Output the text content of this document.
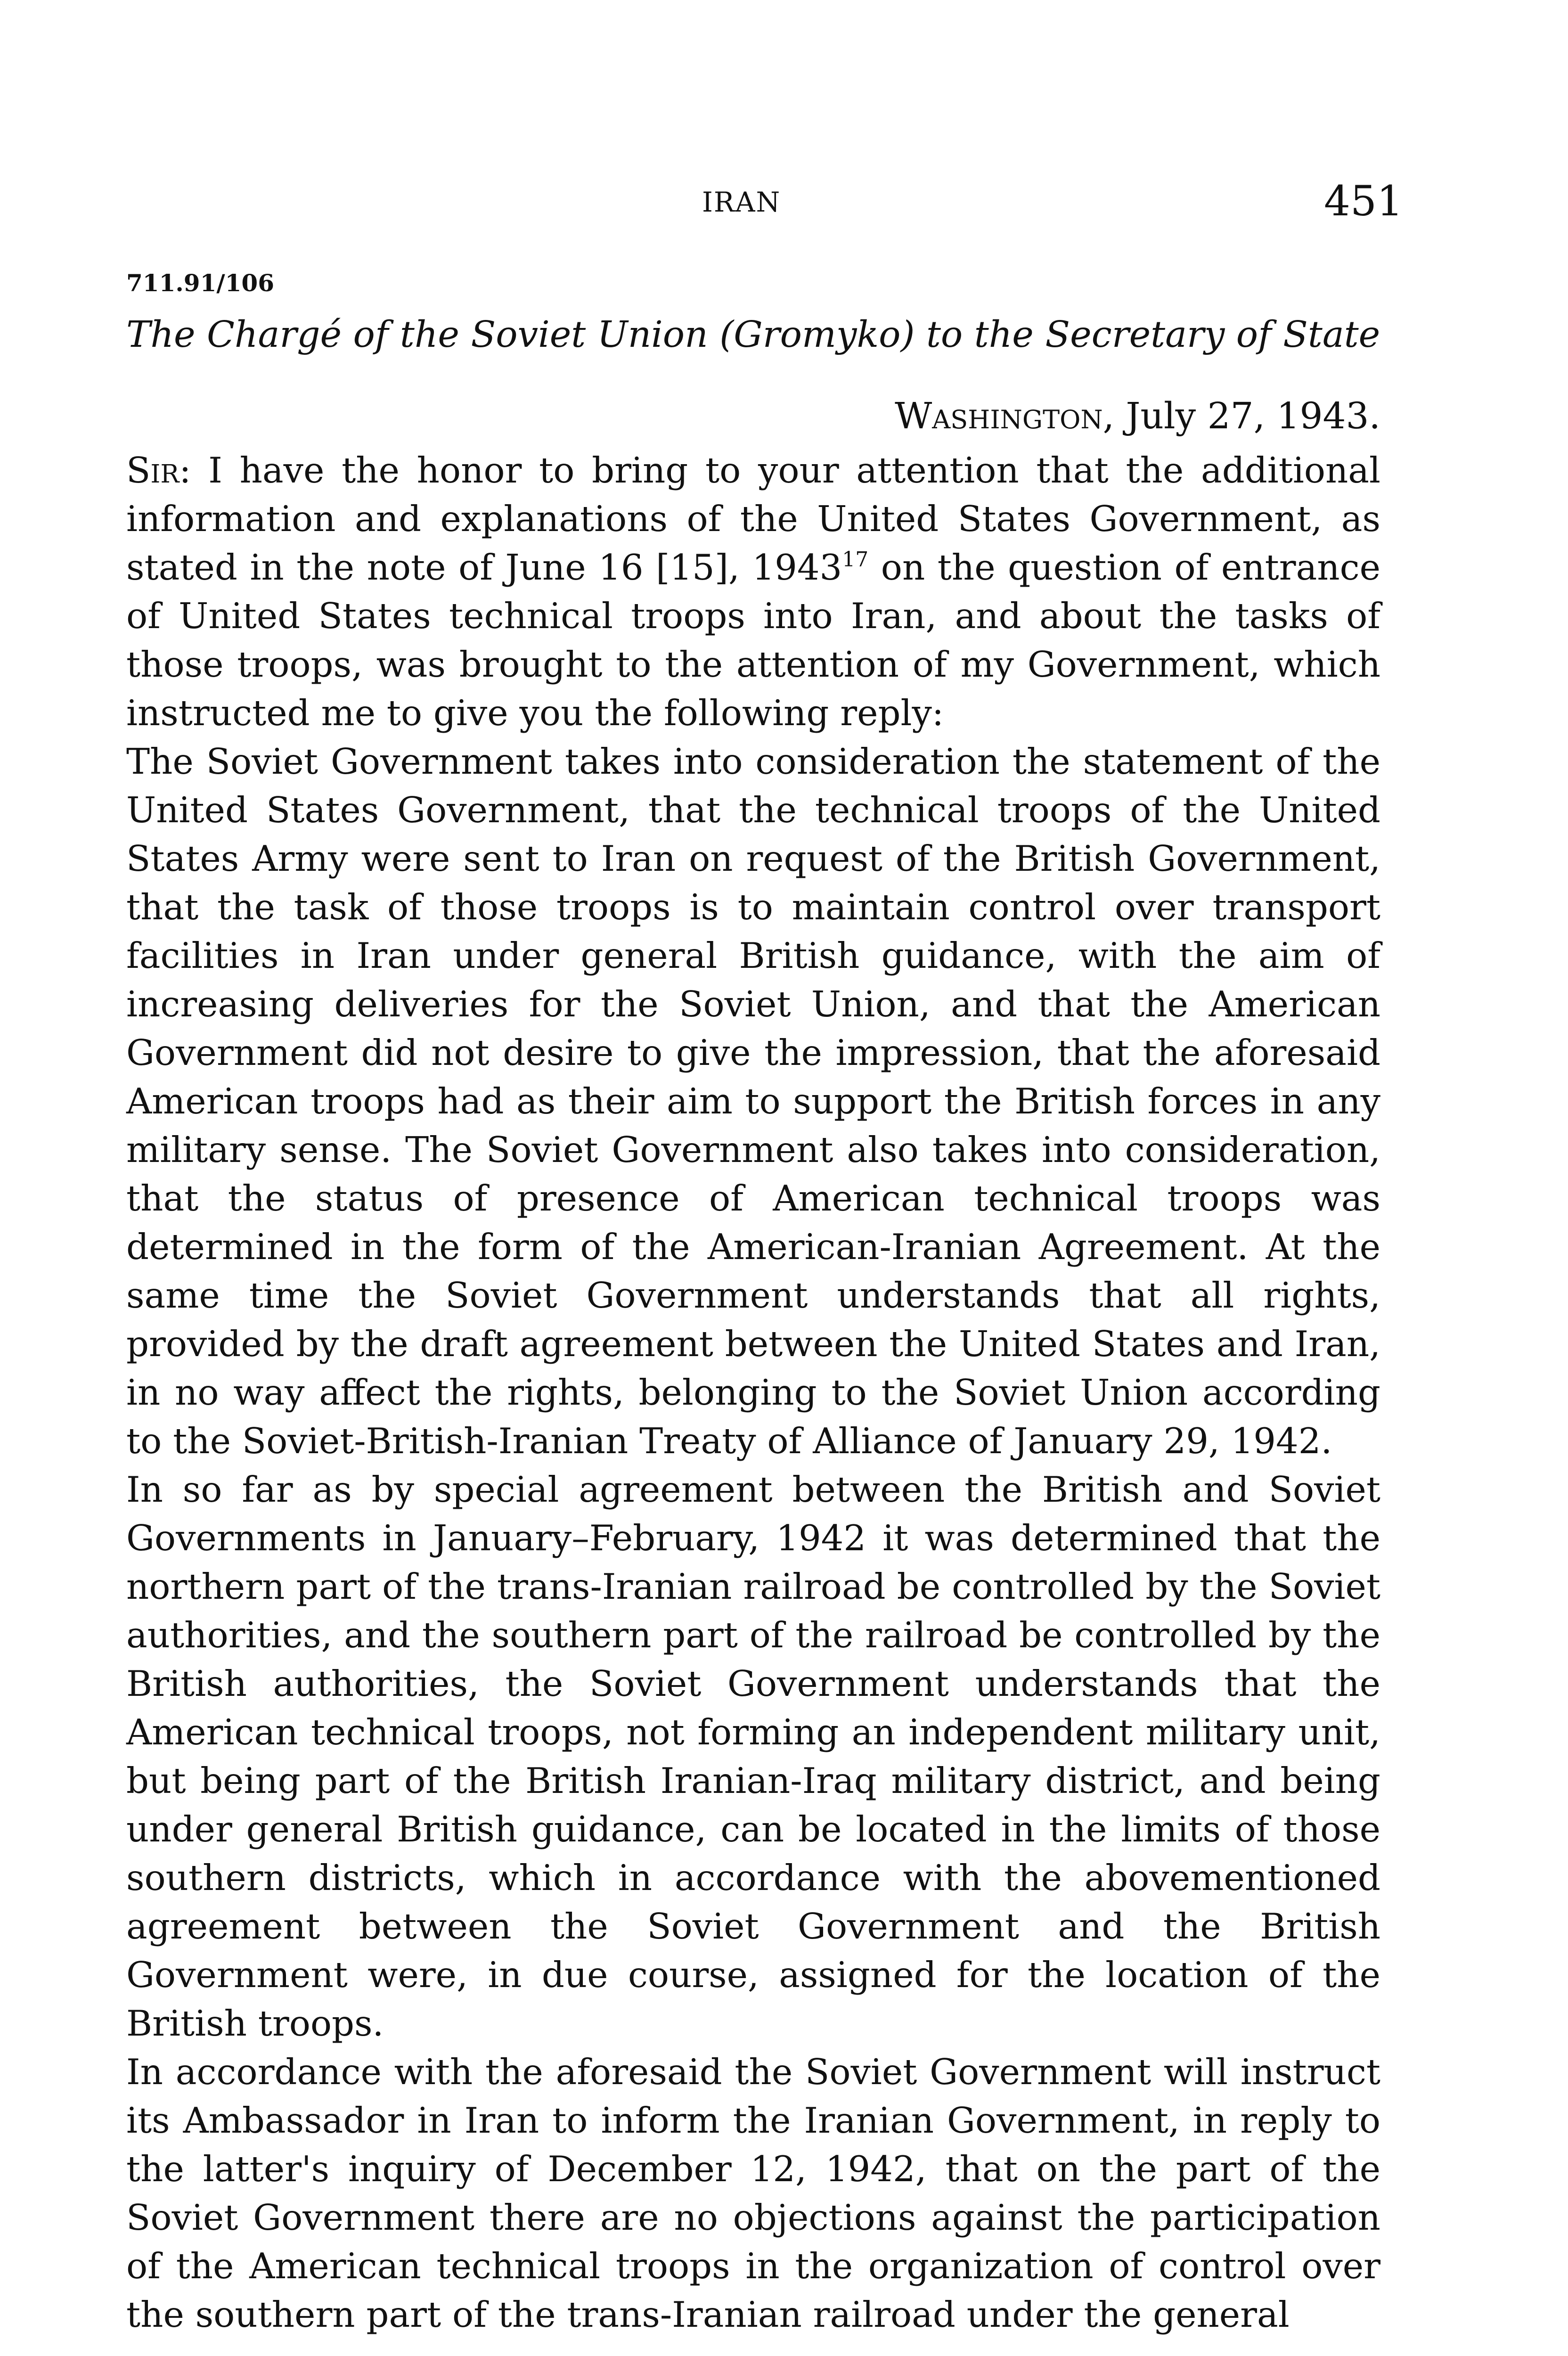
IRAN	451
711.91/106
The Chargé of the Soviet Union (Gromyko) to the Secretary of State
Washington, July 27, 1943.

Sir: I have the honor to bring to your attention that the additional information and explanations of the United States Government, as stated in the note of June 16 [15], 1943$^{17}$ on the question of entrance of United States technical troops into Iran, and about the tasks of those troops, was brought to the attention of my Government, which instructed me to give you the following reply:

The Soviet Government takes into consideration the statement of the United States Government, that the technical troops of the United States Army were sent to Iran on request of the British Government, that the task of those troops is to maintain control over transport facilities in Iran under general British guidance, with the aim of increasing deliveries for the Soviet Union, and that the American Government did not desire to give the impression, that the aforesaid American troops had as their aim to support the British forces in any military sense. The Soviet Government also takes into consideration, that the status of presence of American technical troops was determined in the form of the American-Iranian Agreement. At the same time the Soviet Government understands that all rights, provided by the draft agreement between the United States and Iran, in no way affect the rights, belonging to the Soviet Union according to the Soviet-British-Iranian Treaty of Alliance of January 29, 1942.

In so far as by special agreement between the British and Soviet Governments in January–February, 1942 it was determined that the northern part of the trans-Iranian railroad be controlled by the Soviet authorities, and the southern part of the railroad be controlled by the British authorities, the Soviet Government understands that the American technical troops, not forming an independent military unit, but being part of the British Iranian-Iraq military district, and being under general British guidance, can be located in the limits of those southern districts, which in accordance with the abovementioned agreement between the Soviet Government and the British Government were, in due course, assigned for the location of the British troops.

In accordance with the aforesaid the Soviet Government will instruct its Ambassador in Iran to inform the Iranian Government, in reply to the latter's inquiry of December 12, 1942, that on the part of the Soviet Government there are no objections against the participation of the American technical troops in the organization of control over the southern part of the trans-Iranian railroad under the general
